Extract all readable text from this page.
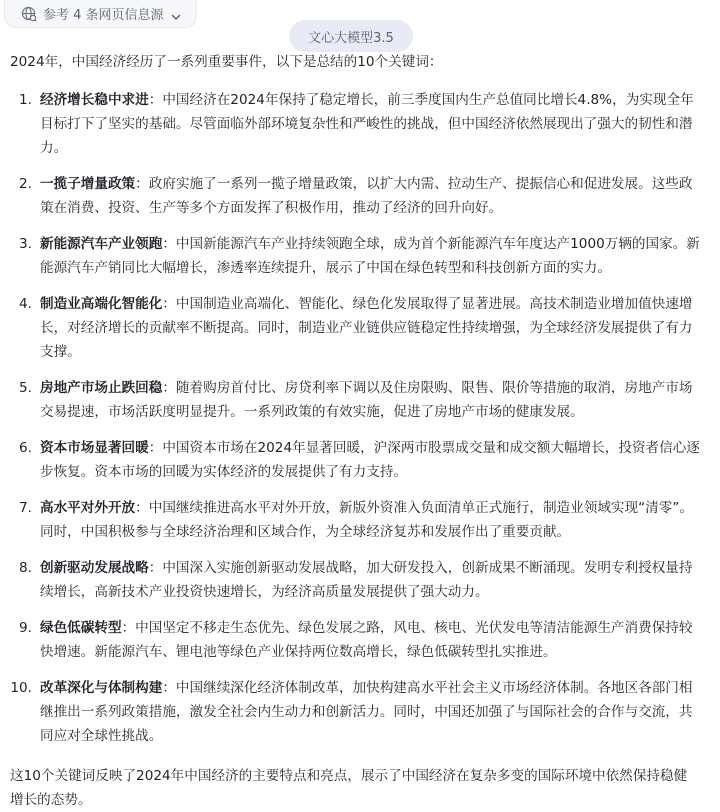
参考 4 条网页信息源
文心大模型3.5

2024年，中国经济经历了一系列重要事件，以下是总结的10个关键词：

1. 经济增长稳中求进：中国经济在2024年保持了稳定增长，前三季度国内生产总值同比增长4.8%，为实现全年目标打下了坚实的基础。尽管面临外部环境复杂性和严峻性的挑战，但中国经济依然展现出了强大的韧性和潜力。
2. 一揽子增量政策：政府实施了一系列一揽子增量政策，以扩大内需、拉动生产、提振信心和促进发展。这些政策在消费、投资、生产等多个方面发挥了积极作用，推动了经济的回升向好。
3. 新能源汽车产业领跑：中国新能源汽车产业持续领跑全球，成为首个新能源汽车年度达产1000万辆的国家。新能源汽车产销同比大幅增长，渗透率连续提升，展示了中国在绿色转型和科技创新方面的实力。
4. 制造业高端化智能化：中国制造业高端化、智能化、绿色化发展取得了显著进展。高技术制造业增加值快速增长，对经济增长的贡献率不断提高。同时，制造业产业链供应链稳定性持续增强，为全球经济发展提供了有力支撑。
5. 房地产市场止跌回稳：随着购房首付比、房贷利率下调以及住房限购、限售、限价等措施的取消，房地产市场交易提速，市场活跃度明显提升。一系列政策的有效实施，促进了房地产市场的健康发展。
6. 资本市场显著回暖：中国资本市场在2024年显著回暖，沪深两市股票成交量和成交额大幅增长，投资者信心逐步恢复。资本市场的回暖为实体经济的发展提供了有力支持。
7. 高水平对外开放：中国继续推进高水平对外开放，新版外资准入负面清单正式施行，制造业领域实现“清零”。同时，中国积极参与全球经济治理和区域合作，为全球经济复苏和发展作出了重要贡献。
8. 创新驱动发展战略：中国深入实施创新驱动发展战略，加大研发投入，创新成果不断涌现。发明专利授权量持续增长，高新技术产业投资快速增长，为经济高质量发展提供了强大动力。
9. 绿色低碳转型：中国坚定不移走生态优先、绿色发展之路，风电、核电、光伏发电等清洁能源生产消费保持较快增速。新能源汽车、锂电池等绿色产业保持两位数高增长，绿色低碳转型扎实推进。
10. 改革深化与体制构建：中国继续深化经济体制改革，加快构建高水平社会主义市场经济体制。各地区各部门相继推出一系列政策措施，激发全社会内生动力和创新活力。同时，中国还加强了与国际社会的合作与交流，共同应对全球性挑战。

这10个关键词反映了2024年中国经济的主要特点和亮点，展示了中国经济在复杂多变的国际环境中依然保持稳健增长的态势。
